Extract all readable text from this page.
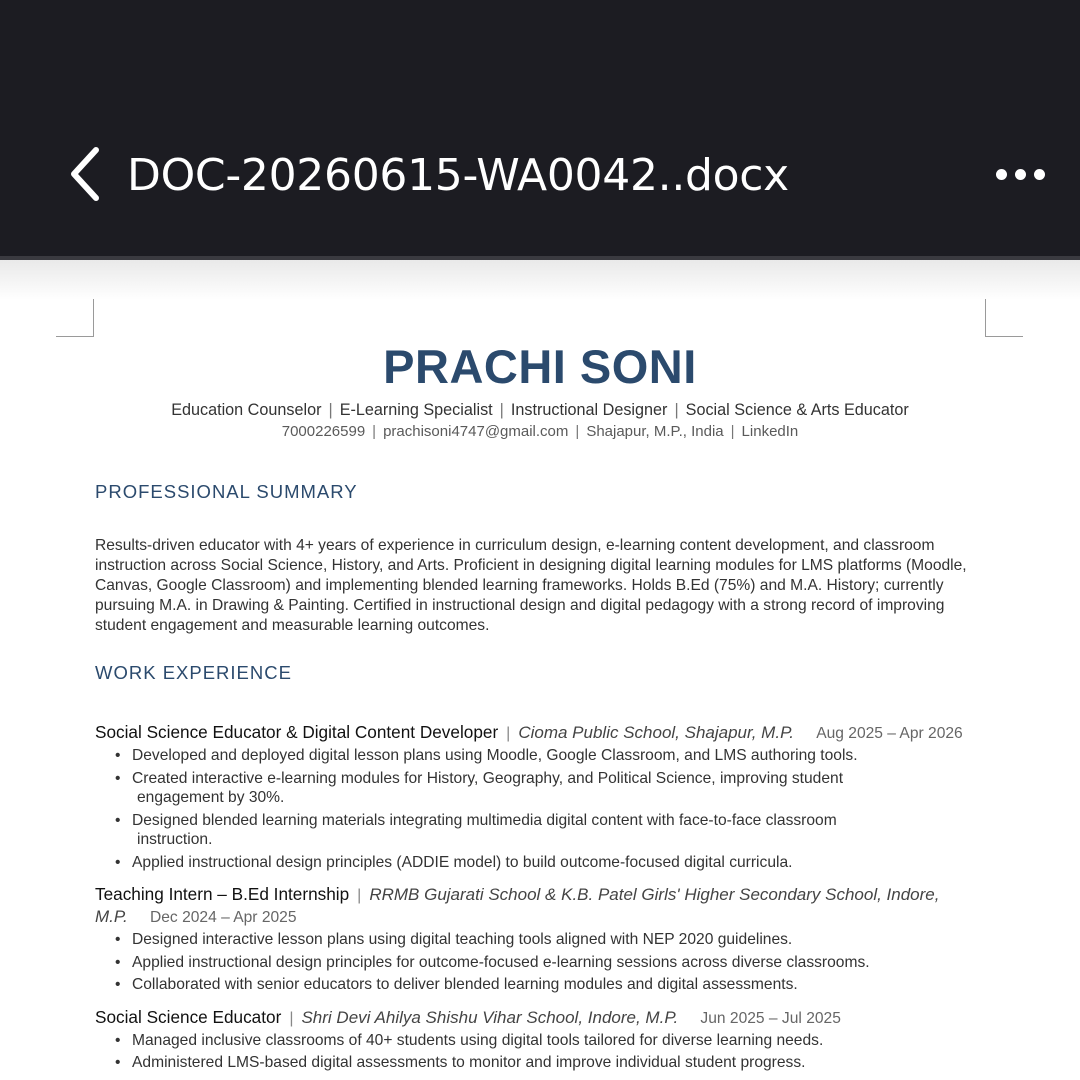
DOC-20260615-WA0042..docx
PRACHI SONI
Education Counselor | E-Learning Specialist | Instructional Designer | Social Science & Arts Educator
7000226599 | prachisoni4747@gmail.com | Shajapur, M.P., India | LinkedIn
PROFESSIONAL SUMMARY
Results-driven educator with 4+ years of experience in curriculum design, e-learning content development, and classroom instruction across Social Science, History, and Arts. Proficient in designing digital learning modules for LMS platforms (Moodle, Canvas, Google Classroom) and implementing blended learning frameworks. Holds B.Ed (75%) and M.A. History; currently pursuing M.A. in Drawing & Painting. Certified in instructional design and digital pedagogy with a strong record of improving student engagement and measurable learning outcomes.
WORK EXPERIENCE
Social Science Educator & Digital Content Developer | Cioma Public School, Shajapur, M.P. Aug 2025 – Apr 2026
• Developed and deployed digital lesson plans using Moodle, Google Classroom, and LMS authoring tools.
• Created interactive e-learning modules for History, Geography, and Political Science, improving student
engagement by 30%.
• Designed blended learning materials integrating multimedia digital content with face-to-face classroom
instruction.
• Applied instructional design principles (ADDIE model) to build outcome-focused digital curricula.
Teaching Intern – B.Ed Internship | RRMB Gujarati School & K.B. Patel Girls' Higher Secondary School, Indore, M.P. Dec 2024 – Apr 2025
• Designed interactive lesson plans using digital teaching tools aligned with NEP 2020 guidelines.
• Applied instructional design principles for outcome-focused e-learning sessions across diverse classrooms.
• Collaborated with senior educators to deliver blended learning modules and digital assessments.
Social Science Educator | Shri Devi Ahilya Shishu Vihar School, Indore, M.P. Jun 2025 – Jul 2025
• Managed inclusive classrooms of 40+ students using digital tools tailored for diverse learning needs.
• Administered LMS-based digital assessments to monitor and improve individual student progress.
